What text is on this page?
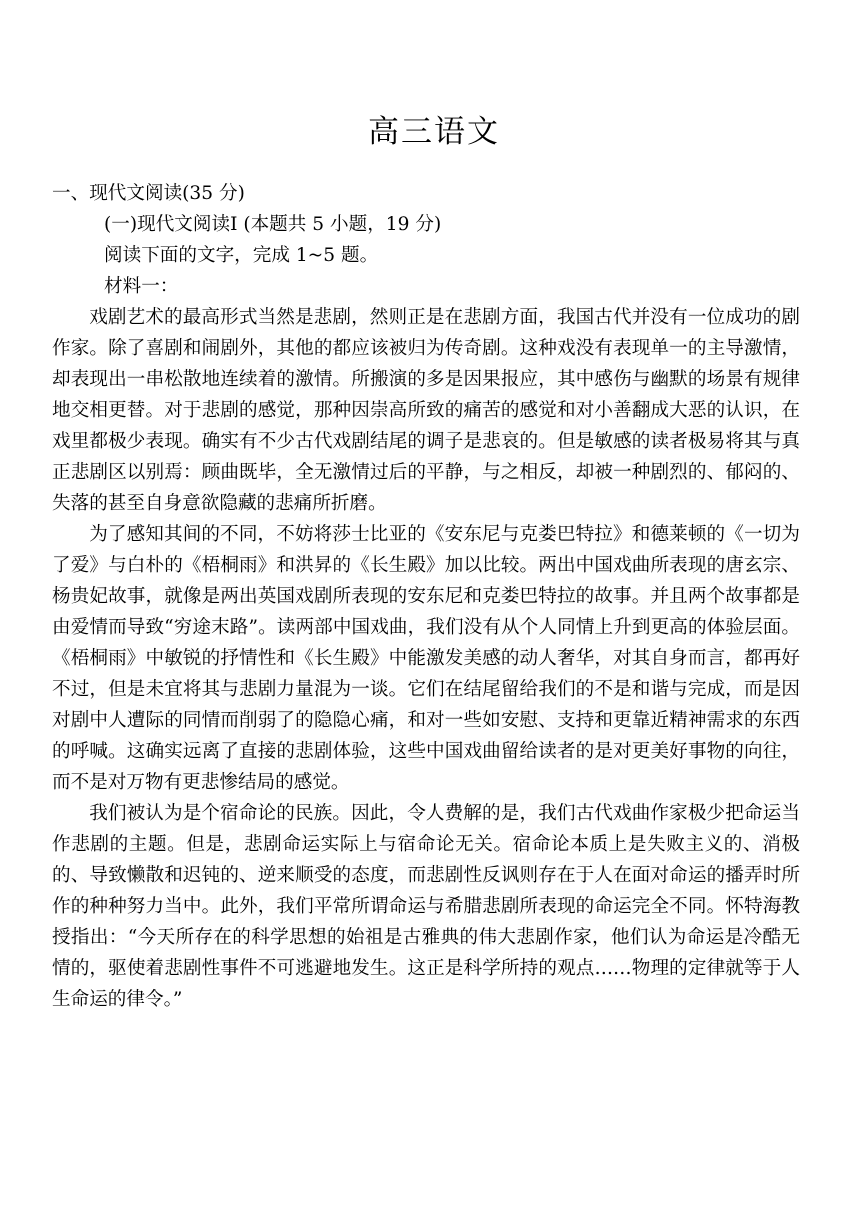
高三语文

一、现代文阅读(35 分)

(一)现代文阅读Ⅰ (本题共 5 小题，19 分)

阅读下面的文字，完成 1~5 题。

材料一：

戏剧艺术的最高形式当然是悲剧，然则正是在悲剧方面，我国古代并没有一位成功的剧作家。除了喜剧和闹剧外，其他的都应该被归为传奇剧。这种戏没有表现单一的主导激情，却表现出一串松散地连续着的激情。所搬演的多是因果报应，其中感伤与幽默的场景有规律地交相更替。对于悲剧的感觉，那种因崇高所致的痛苦的感觉和对小善翻成大恶的认识，在戏里都极少表现。确实有不少古代戏剧结尾的调子是悲哀的。但是敏感的读者极易将其与真正悲剧区以别焉：顾曲既毕，全无激情过后的平静，与之相反，却被一种剧烈的、郁闷的、失落的甚至自身意欲隐藏的悲痛所折磨。

为了感知其间的不同，不妨将莎士比亚的《安东尼与克娄巴特拉》和德莱顿的《一切为了爱》与白朴的《梧桐雨》和洪昇的《长生殿》加以比较。两出中国戏曲所表现的唐玄宗、杨贵妃故事，就像是两出英国戏剧所表现的安东尼和克娄巴特拉的故事。并且两个故事都是由爱情而导致“穷途末路”。读两部中国戏曲，我们没有从个人同情上升到更高的体验层面。《梧桐雨》中敏锐的抒情性和《长生殿》中能激发美感的动人奢华，对其自身而言，都再好不过，但是未宜将其与悲剧力量混为一谈。它们在结尾留给我们的不是和谐与完成，而是因对剧中人遭际的同情而削弱了的隐隐心痛，和对一些如安慰、支持和更靠近精神需求的东西的呼喊。这确实远离了直接的悲剧体验，这些中国戏曲留给读者的是对更美好事物的向往，而不是对万物有更悲惨结局的感觉。

我们被认为是个宿命论的民族。因此，令人费解的是，我们古代戏曲作家极少把命运当作悲剧的主题。但是，悲剧命运实际上与宿命论无关。宿命论本质上是失败主义的、消极的、导致懒散和迟钝的、逆来顺受的态度，而悲剧性反讽则存在于人在面对命运的播弄时所作的种种努力当中。此外，我们平常所谓命运与希腊悲剧所表现的命运完全不同。怀特海教授指出：“今天所存在的科学思想的始祖是古雅典的伟大悲剧作家，他们认为命运是冷酷无情的，驱使着悲剧性事件不可逃避地发生。这正是科学所持的观点……物理的定律就等于人生命运的律令。”
